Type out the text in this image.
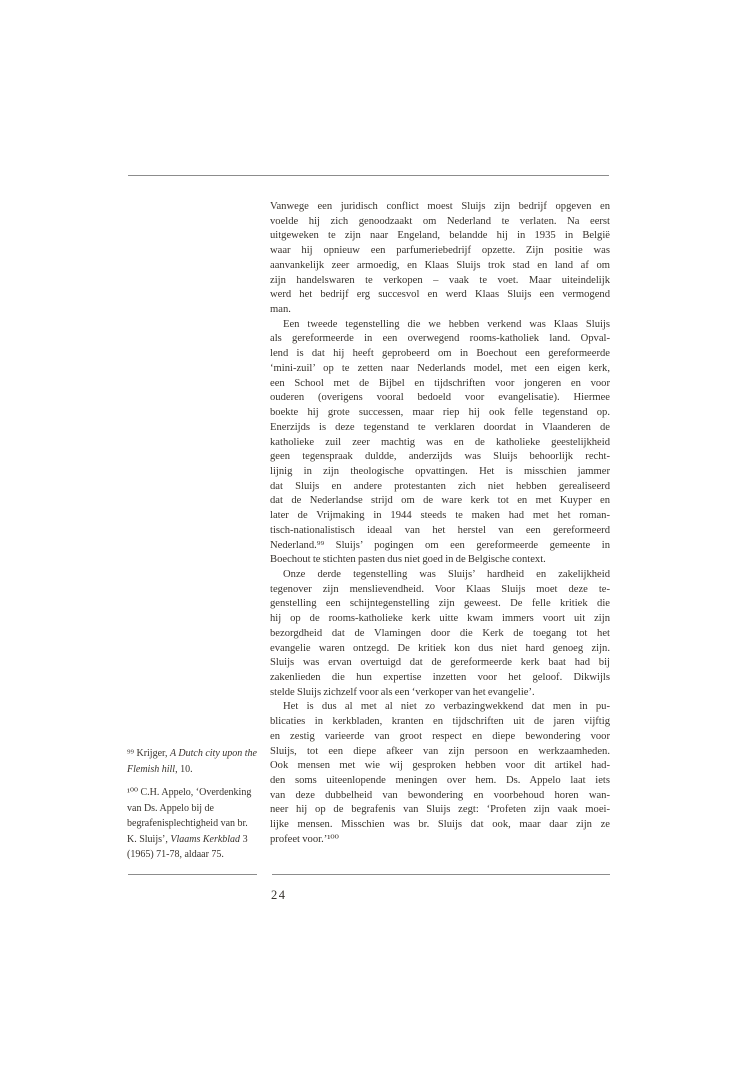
Vanwege een juridisch conflict moest Sluijs zijn bedrijf opgeven en
voelde hij zich genoodzaakt om Nederland te verlaten. Na eerst
uitgeweken te zijn naar Engeland, belandde hij in 1935 in België
waar hij opnieuw een parfumeriebedrijf opzette. Zijn positie was
aanvankelijk zeer armoedig, en Klaas Sluijs trok stad en land af om
zijn handelswaren te verkopen – vaak te voet. Maar uiteindelijk
werd het bedrijf erg succesvol en werd Klaas Sluijs een vermogend
man.
Een tweede tegenstelling die we hebben verkend was Klaas Sluijs
als gereformeerde in een overwegend rooms-katholiek land. Opval-
lend is dat hij heeft geprobeerd om in Boechout een gereformeerde
‘mini-zuil’ op te zetten naar Nederlands model, met een eigen kerk,
een School met de Bijbel en tijdschriften voor jongeren en voor
ouderen (overigens vooral bedoeld voor evangelisatie). Hiermee
boekte hij grote successen, maar riep hij ook felle tegenstand op.
Enerzijds is deze tegenstand te verklaren doordat in Vlaanderen de
katholieke zuil zeer machtig was en de katholieke geestelijkheid
geen tegenspraak duldde, anderzijds was Sluijs behoorlijk recht-
lijnig in zijn theologische opvattingen. Het is misschien jammer
dat Sluijs en andere protestanten zich niet hebben gerealiseerd
dat de Nederlandse strijd om de ware kerk tot en met Kuyper en
later de Vrijmaking in 1944 steeds te maken had met het roman-
tisch-nationalistisch ideaal van het herstel van een gereformeerd
Nederland.⁹⁹ Sluijs’ pogingen om een gereformeerde gemeente in
Boechout te stichten pasten dus niet goed in de Belgische context.
Onze derde tegenstelling was Sluijs’ hardheid en zakelijkheid
tegenover zijn menslievendheid. Voor Klaas Sluijs moet deze te-
genstelling een schijntegenstelling zijn geweest. De felle kritiek die
hij op de rooms-katholieke kerk uitte kwam immers voort uit zijn
bezorgdheid dat de Vlamingen door die Kerk de toegang tot het
evangelie waren ontzegd. De kritiek kon dus niet hard genoeg zijn.
Sluijs was ervan overtuigd dat de gereformeerde kerk baat had bij
zakenlieden die hun expertise inzetten voor het geloof. Dikwijls
stelde Sluijs zichzelf voor als een ‘verkoper van het evangelie’.
Het is dus al met al niet zo verbazingwekkend dat men in pu-
blicaties in kerkbladen, kranten en tijdschriften uit de jaren vijftig
en zestig varieerde van groot respect en diepe bewondering voor
Sluijs, tot een diepe afkeer van zijn persoon en werkzaamheden.
Ook mensen met wie wij gesproken hebben voor dit artikel had-
den soms uiteenlopende meningen over hem. Ds. Appelo laat iets
van deze dubbelheid van bewondering en voorbehoud horen wan-
neer hij op de begrafenis van Sluijs zegt: ‘Profeten zijn vaak moei-
lijke mensen. Misschien was br. Sluijs dat ook, maar daar zijn ze
profeet voor.’¹⁰⁰
⁹⁹ Krijger, A Dutch city upon the Flemish hill, 10.
¹⁰⁰ C.H. Appelo, ‘Overdenking van Ds. Appelo bij de begrafenisplechtigheid van br. K. Sluijs’, Vlaams Kerkblad 3 (1965) 71-78, aldaar 75.
24
